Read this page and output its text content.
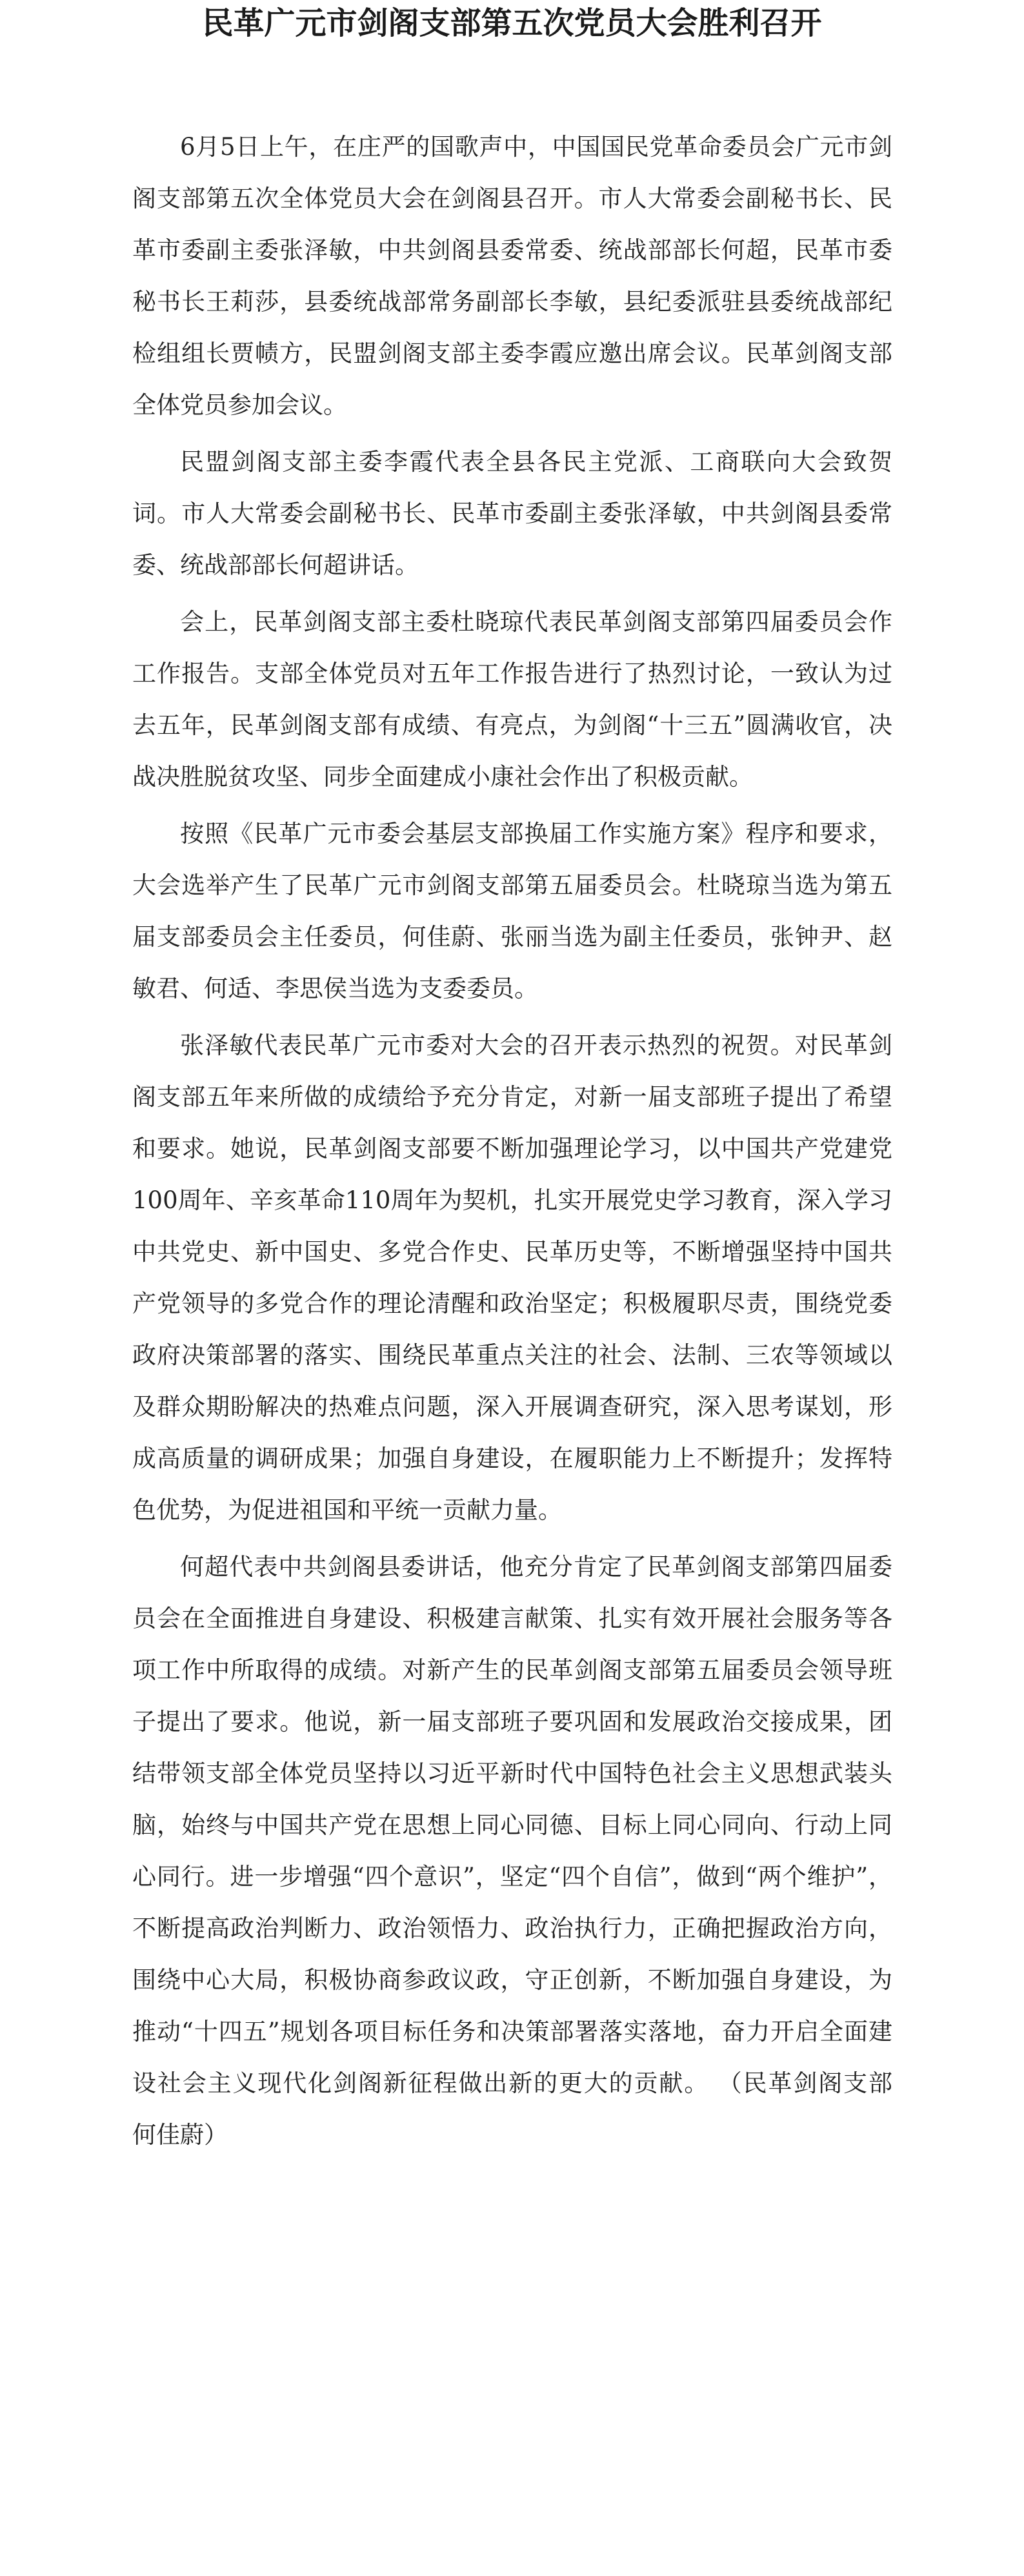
民革广元市剑阁支部第五次党员大会胜利召开

6月5日上午，在庄严的国歌声中，中国国民党革命委员会广元市剑阁支部第五次全体党员大会在剑阁县召开。市人大常委会副秘书长、民革市委副主委张泽敏，中共剑阁县委常委、统战部部长何超，民革市委秘书长王莉莎，县委统战部常务副部长李敏，县纪委派驻县委统战部纪检组组长贾帻方，民盟剑阁支部主委李霞应邀出席会议。民革剑阁支部全体党员参加会议。

民盟剑阁支部主委李霞代表全县各民主党派、工商联向大会致贺词。市人大常委会副秘书长、民革市委副主委张泽敏，中共剑阁县委常委、统战部部长何超讲话。

会上，民革剑阁支部主委杜晓琼代表民革剑阁支部第四届委员会作工作报告。支部全体党员对五年工作报告进行了热烈讨论，一致认为过去五年，民革剑阁支部有成绩、有亮点，为剑阁“十三五”圆满收官，决战决胜脱贫攻坚、同步全面建成小康社会作出了积极贡献。

按照《民革广元市委会基层支部换届工作实施方案》程序和要求，大会选举产生了民革广元市剑阁支部第五届委员会。杜晓琼当选为第五届支部委员会主任委员，何佳蔚、张丽当选为副主任委员，张钟尹、赵敏君、何适、李思侯当选为支委委员。

张泽敏代表民革广元市委对大会的召开表示热烈的祝贺。对民革剑阁支部五年来所做的成绩给予充分肯定，对新一届支部班子提出了希望和要求。她说，民革剑阁支部要不断加强理论学习，以中国共产党建党100周年、辛亥革命110周年为契机，扎实开展党史学习教育，深入学习中共党史、新中国史、多党合作史、民革历史等，不断增强坚持中国共产党领导的多党合作的理论清醒和政治坚定；积极履职尽责，围绕党委政府决策部署的落实、围绕民革重点关注的社会、法制、三农等领域以及群众期盼解决的热难点问题，深入开展调查研究，深入思考谋划，形成高质量的调研成果；加强自身建设，在履职能力上不断提升；发挥特色优势，为促进祖国和平统一贡献力量。

何超代表中共剑阁县委讲话，他充分肯定了民革剑阁支部第四届委员会在全面推进自身建设、积极建言献策、扎实有效开展社会服务等各项工作中所取得的成绩。对新产生的民革剑阁支部第五届委员会领导班子提出了要求。他说，新一届支部班子要巩固和发展政治交接成果，团结带领支部全体党员坚持以习近平新时代中国特色社会主义思想武装头脑，始终与中国共产党在思想上同心同德、目标上同心同向、行动上同心同行。进一步增强“四个意识”，坚定“四个自信”，做到“两个维护”，不断提高政治判断力、政治领悟力、政治执行力，正确把握政治方向，围绕中心大局，积极协商参政议政，守正创新，不断加强自身建设，为推动“十四五”规划各项目标任务和决策部署落实落地，奋力开启全面建设社会主义现代化剑阁新征程做出新的更大的贡献。 （民革剑阁支部　 何佳蔚）
